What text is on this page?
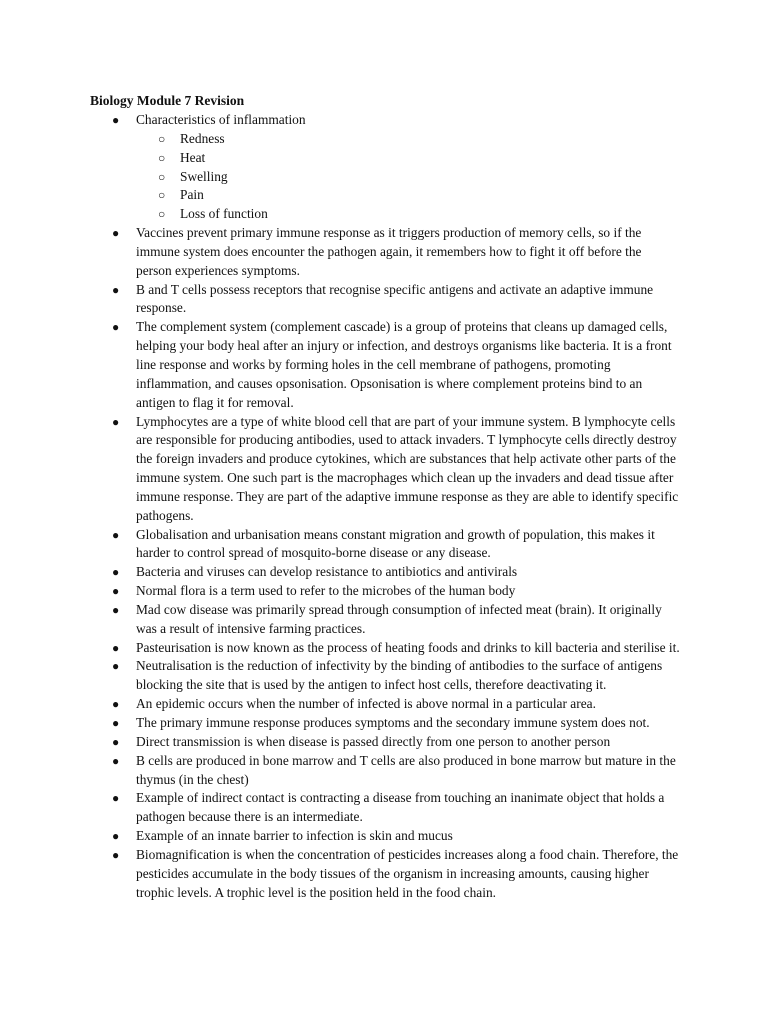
Biology Module 7 Revision
● Characteristics of inflammation
○ Redness
○ Heat
○ Swelling
○ Pain
○ Loss of function
● Vaccines prevent primary immune response as it triggers production of memory cells, so if the immune system does encounter the pathogen again, it remembers how to fight it off before the person experiences symptoms.
● B and T cells possess receptors that recognise specific antigens and activate an adaptive immune response.
● The complement system (complement cascade) is a group of proteins that cleans up damaged cells, helping your body heal after an injury or infection, and destroys organisms like bacteria. It is a front line response and works by forming holes in the cell membrane of pathogens, promoting inflammation, and causes opsonisation. Opsonisation is where complement proteins bind to an antigen to flag it for removal.
● Lymphocytes are a type of white blood cell that are part of your immune system. B lymphocyte cells are responsible for producing antibodies, used to attack invaders. T lymphocyte cells directly destroy the foreign invaders and produce cytokines, which are substances that help activate other parts of the immune system. One such part is the macrophages which clean up the invaders and dead tissue after immune response. They are part of the adaptive immune response as they are able to identify specific pathogens.
● Globalisation and urbanisation means constant migration and growth of population, this makes it harder to control spread of mosquito-borne disease or any disease.
● Bacteria and viruses can develop resistance to antibiotics and antivirals
● Normal flora is a term used to refer to the microbes of the human body
● Mad cow disease was primarily spread through consumption of infected meat (brain). It originally was a result of intensive farming practices.
● Pasteurisation is now known as the process of heating foods and drinks to kill bacteria and sterilise it.
● Neutralisation is the reduction of infectivity by the binding of antibodies to the surface of antigens blocking the site that is used by the antigen to infect host cells, therefore deactivating it.
● An epidemic occurs when the number of infected is above normal in a particular area.
● The primary immune response produces symptoms and the secondary immune system does not.
● Direct transmission is when disease is passed directly from one person to another person
● B cells are produced in bone marrow and T cells are also produced in bone marrow but mature in the thymus (in the chest)
● Example of indirect contact is contracting a disease from touching an inanimate object that holds a pathogen because there is an intermediate.
● Example of an innate barrier to infection is skin and mucus
● Biomagnification is when the concentration of pesticides increases along a food chain. Therefore, the pesticides accumulate in the body tissues of the organism in increasing amounts, causing higher trophic levels. A trophic level is the position held in the food chain.
